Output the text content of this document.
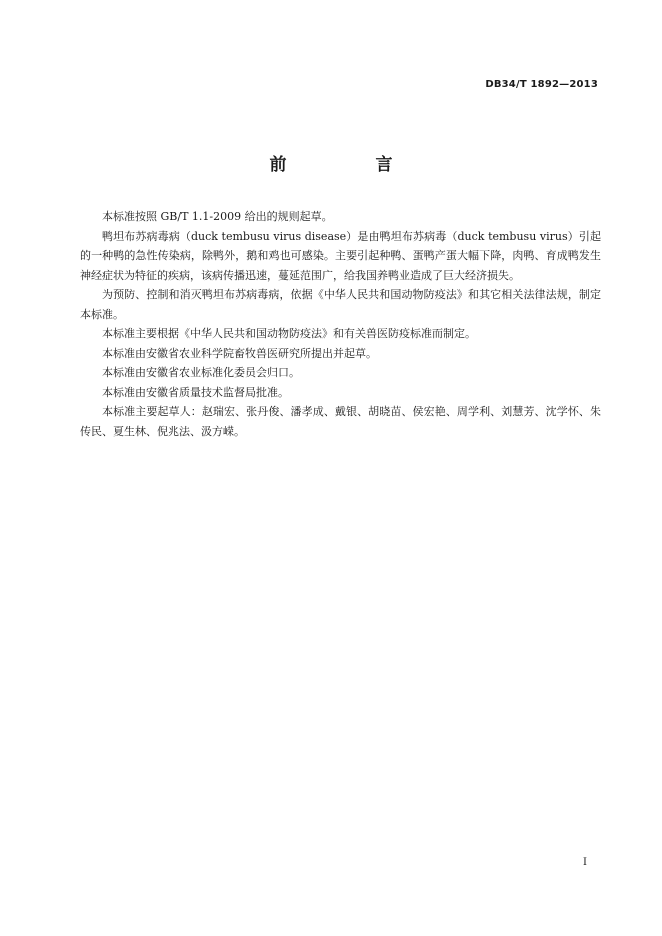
DB34/T 1892—2013
前　言

本标准按照 GB/T 1.1-2009 给出的规则起草。

鸭坦布苏病毒病（duck tembusu virus disease）是由鸭坦布苏病毒（duck tembusu virus）引起的一种鸭的急性传染病，除鸭外，鹅和鸡也可感染。主要引起种鸭、蛋鸭产蛋大幅下降，肉鸭、育成鸭发生神经症状为特征的疾病，该病传播迅速，蔓延范围广，给我国养鸭业造成了巨大经济损失。

为预防、控制和消灭鸭坦布苏病毒病，依据《中华人民共和国动物防疫法》和其它相关法律法规，制定本标准。

本标准主要根据《中华人民共和国动物防疫法》和有关兽医防疫标准而制定。

本标准由安徽省农业科学院畜牧兽医研究所提出并起草。

本标准由安徽省农业标准化委员会归口。

本标准由安徽省质量技术监督局批准。

本标准主要起草人：赵瑞宏、张丹俊、潘孝成、戴银、胡晓苗、侯宏艳、周学利、刘慧芳、沈学怀、朱传民、夏生林、倪兆法、汲方嵘。

I
